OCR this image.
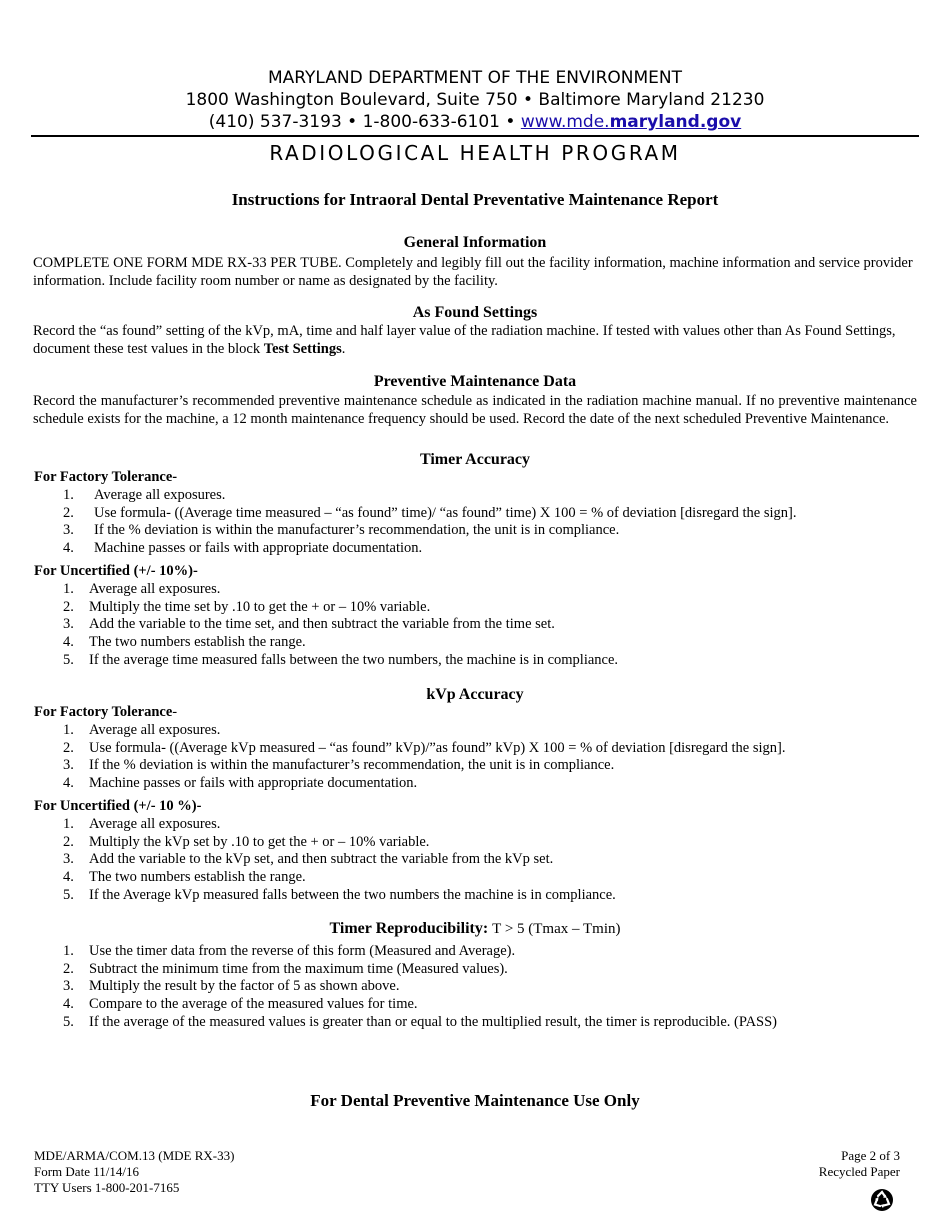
MARYLAND DEPARTMENT OF THE ENVIRONMENT
1800 Washington Boulevard, Suite 750 • Baltimore Maryland 21230
(410) 537-3193 • 1-800-633-6101 • www.mde.maryland.gov
RADIOLOGICAL HEALTH PROGRAM
Instructions for Intraoral Dental Preventative Maintenance Report
General Information
COMPLETE ONE FORM MDE RX-33 PER TUBE. Completely and legibly fill out the facility information, machine information and service provider information. Include facility room number or name as designated by the facility.
As Found Settings
Record the “as found” setting of the kVp, mA, time and half layer value of the radiation machine. If tested with values other than As Found Settings, document these test values in the block Test Settings.
Preventive Maintenance Data
Record the manufacturer’s recommended preventive maintenance schedule as indicated in the radiation machine manual. If no preventive maintenance schedule exists for the machine, a 12 month maintenance frequency should be used. Record the date of the next scheduled Preventive Maintenance.
Timer Accuracy
For Factory Tolerance-
1. Average all exposures.
2. Use formula- ((Average time measured – “as found” time)/ “as found” time) X 100 = % of deviation [disregard the sign].
3. If the % deviation is within the manufacturer’s recommendation, the unit is in compliance.
4. Machine passes or fails with appropriate documentation.
For Uncertified (+/- 10%)-
1. Average all exposures.
2. Multiply the time set by .10 to get the + or – 10% variable.
3. Add the variable to the time set, and then subtract the variable from the time set.
4. The two numbers establish the range.
5. If the average time measured falls between the two numbers, the machine is in compliance.
kVp Accuracy
For Factory Tolerance-
1. Average all exposures.
2. Use formula- ((Average kVp measured – “as found” kVp)/”as found” kVp) X 100 = % of deviation [disregard the sign].
3. If the % deviation is within the manufacturer’s recommendation, the unit is in compliance.
4. Machine passes or fails with appropriate documentation.
For Uncertified (+/- 10 %)-
1. Average all exposures.
2. Multiply the kVp set by .10 to get the + or – 10% variable.
3. Add the variable to the kVp set, and then subtract the variable from the kVp set.
4. The two numbers establish the range.
5. If the Average kVp measured falls between the two numbers the machine is in compliance.
Timer Reproducibility: T > 5 (Tmax – Tmin)
1. Use the timer data from the reverse of this form (Measured and Average).
2. Subtract the minimum time from the maximum time (Measured values).
3. Multiply the result by the factor of 5 as shown above.
4. Compare to the average of the measured values for time.
5. If the average of the measured values is greater than or equal to the multiplied result, the timer is reproducible. (PASS)
For Dental Preventive Maintenance Use Only
MDE/ARMA/COM.13 (MDE RX-33)
Form Date 11/14/16
TTY Users 1-800-201-7165
Page 2 of 3
Recycled Paper
